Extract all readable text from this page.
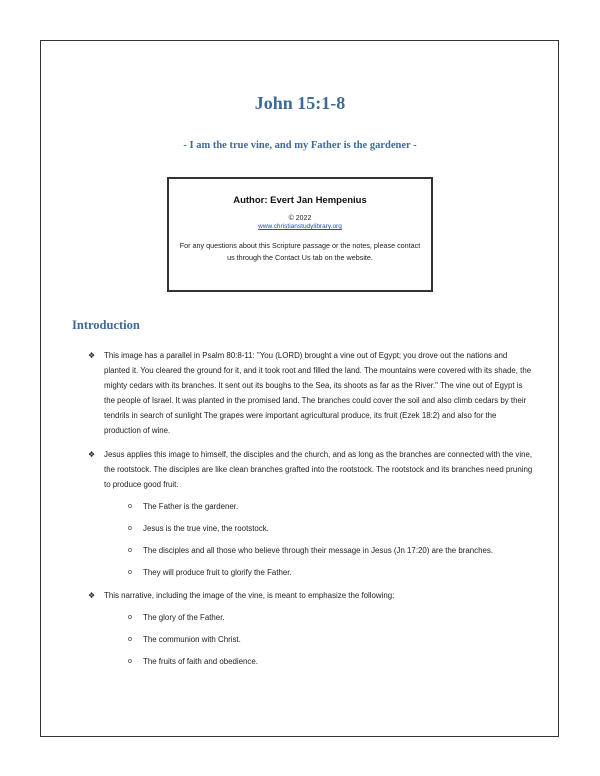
John 15:1-8

- I am the true vine, and my Father is the gardener -

Author: Evert Jan Hempenius
© 2022
www.christianstudylibrary.org
For any questions about this Scripture passage or the notes, please contact us through the Contact Us tab on the website.
Introduction
❖ This image has a parallel in Psalm 80:8-11: "You (LORD) brought a vine out of Egypt; you drove out the nations and planted it. You cleared the ground for it, and it took root and filled the land. The mountains were covered with its shade, the mighty cedars with its branches. It sent out its boughs to the Sea, its shoots as far as the River." The vine out of Egypt is the people of Israel. It was planted in the promised land. The branches could cover the soil and also climb cedars by their tendrils in search of sunlight The grapes were important agricultural produce, its fruit (Ezek 18:2) and also for the production of wine.
❖ Jesus applies this image to himself, the disciples and the church, and as long as the branches are connected with the vine, the rootstock. The disciples are like clean branches grafted into the rootstock. The rootstock and its branches need pruning to produce good fruit.
o The Father is the gardener.
o Jesus is the true vine, the rootstock.
o The disciples and all those who believe through their message in Jesus (Jn 17:20) are the branches.
o They will produce fruit to glorify the Father.
❖ This narrative, including the image of the vine, is meant to emphasize the following:
o The glory of the Father.
o The communion with Christ.
o The fruits of faith and obedience.
